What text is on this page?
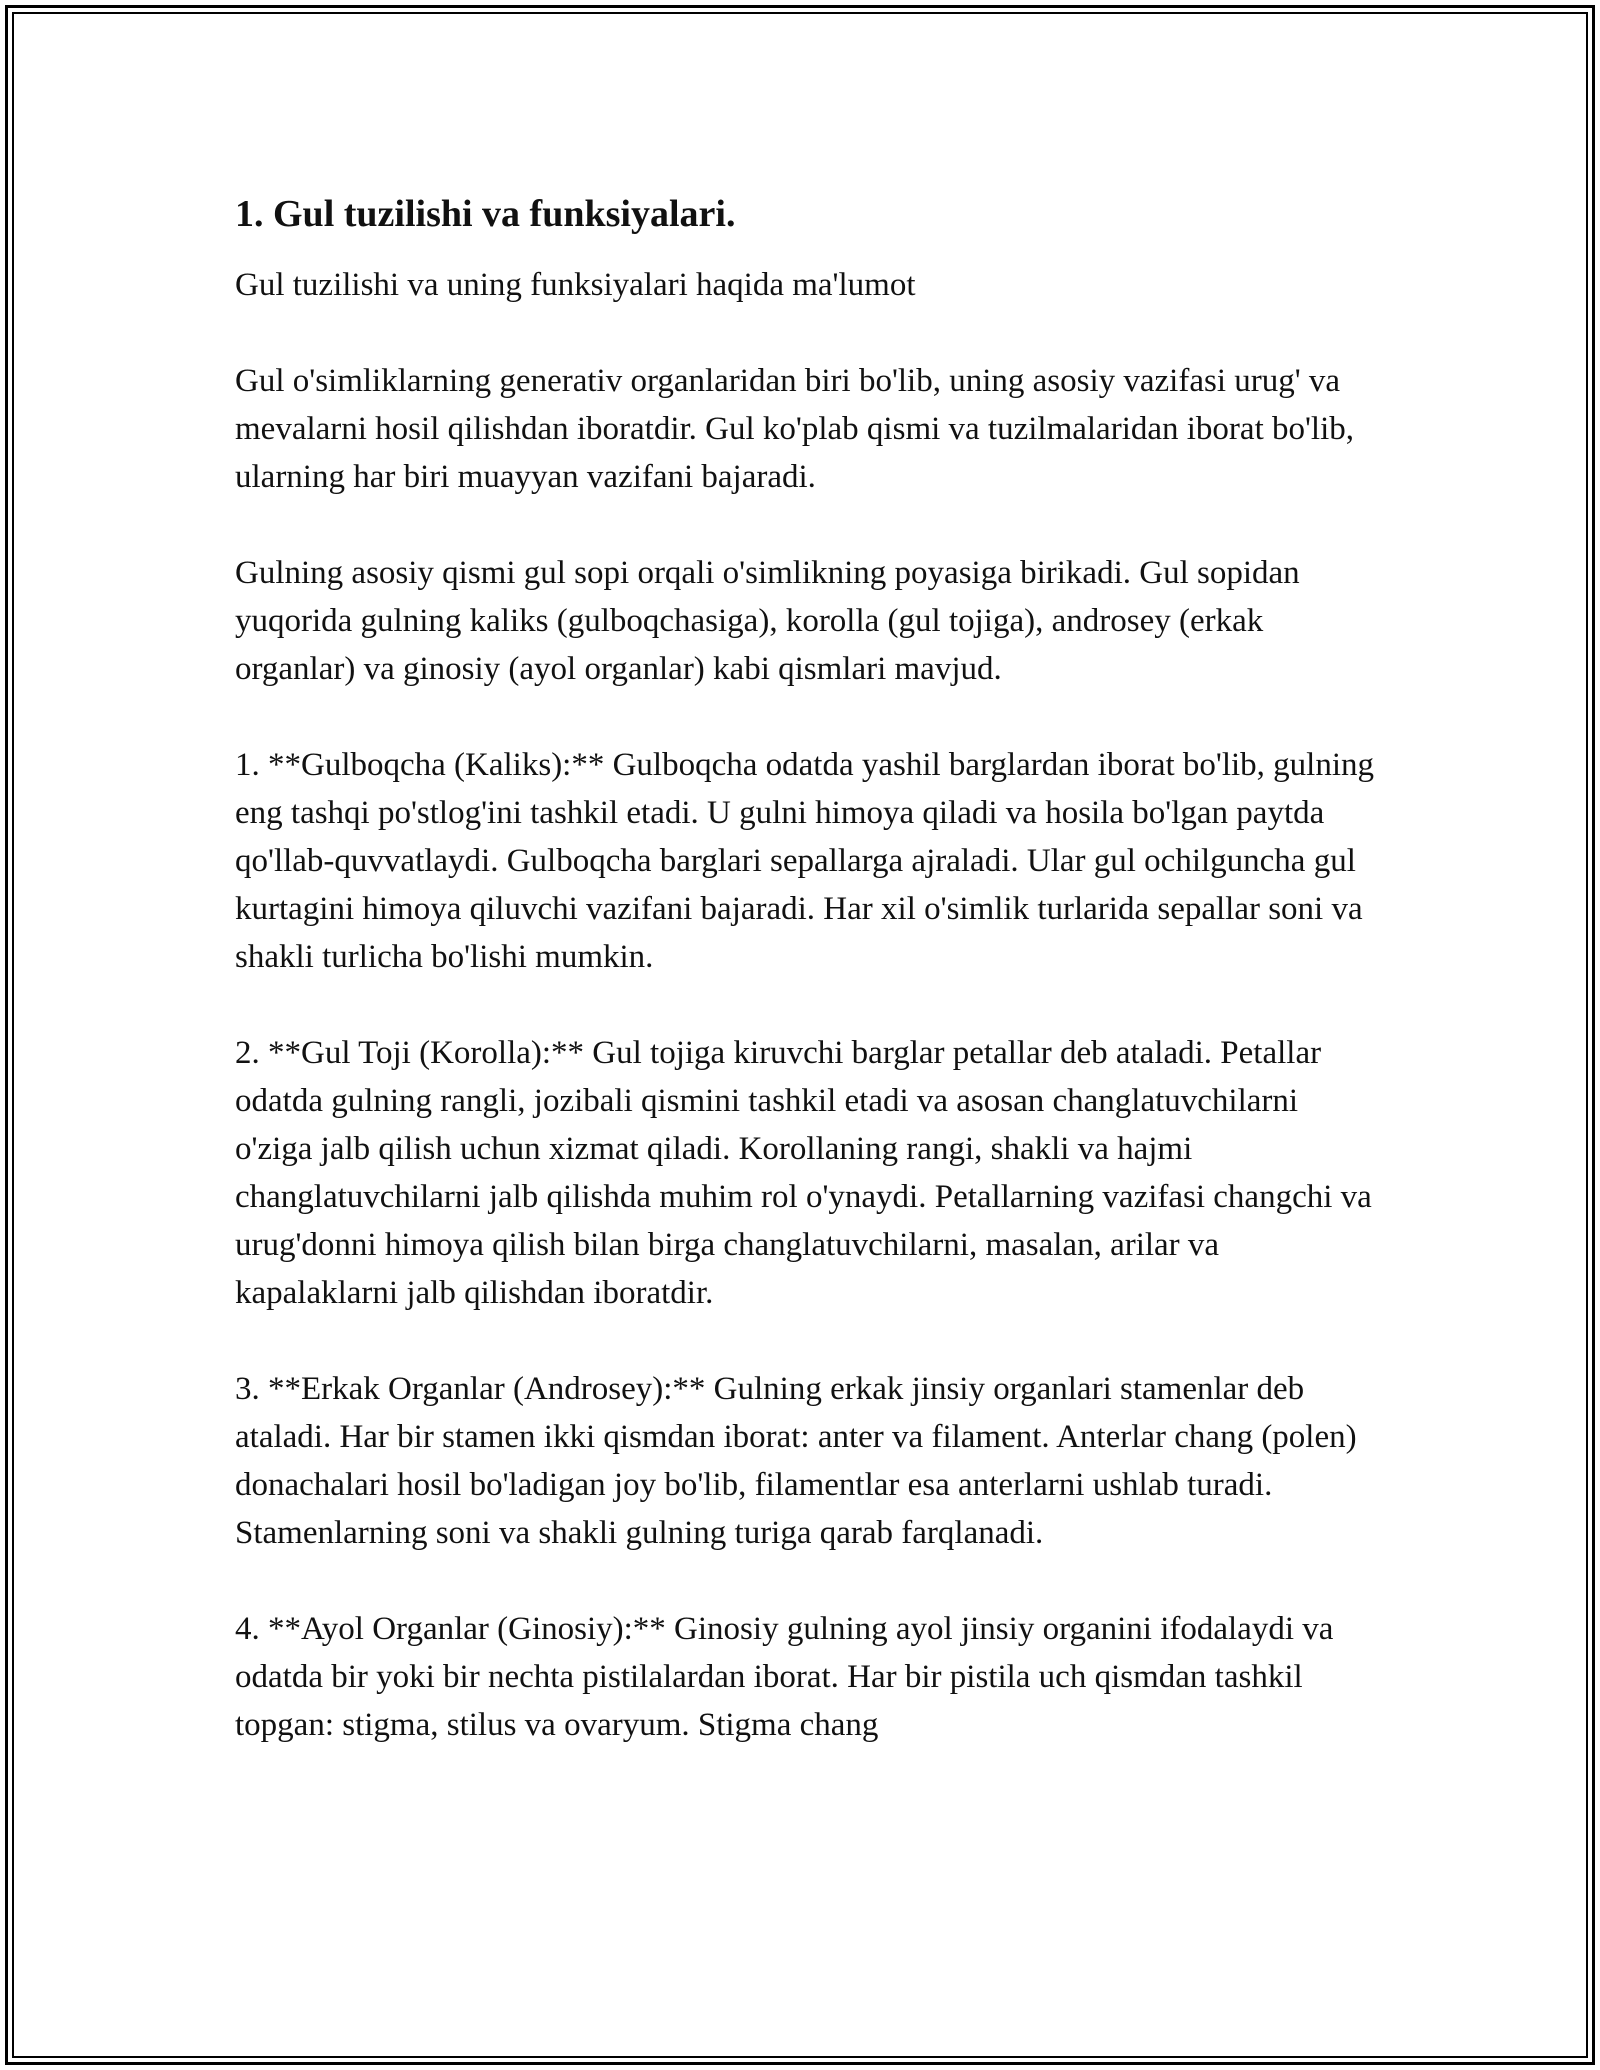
1. Gul tuzilishi va funksiyalari.

Gul tuzilishi va uning funksiyalari haqida ma'lumot

Gul o'simliklarning generativ organlaridan biri bo'lib, uning asosiy vazifasi urug' va mevalarni hosil qilishdan iboratdir. Gul ko'plab qismi va tuzilmalaridan iborat bo'lib, ularning har biri muayyan vazifani bajaradi.

Gulning asosiy qismi gul sopi orqali o'simlikning poyasiga birikadi. Gul sopidan yuqorida gulning kaliks (gulboqchasiga), korolla (gul tojiga), androsey (erkak organlar) va ginosiy (ayol organlar) kabi qismlari mavjud.

1. **Gulboqcha (Kaliks):** Gulboqcha odatda yashil barglardan iborat bo'lib, gulning eng tashqi po'stlog'ini tashkil etadi. U gulni himoya qiladi va hosila bo'lgan paytda qo'llab-quvvatlaydi. Gulboqcha barglari sepallarga ajraladi. Ular gul ochilguncha gul kurtagini himoya qiluvchi vazifani bajaradi. Har xil o'simlik turlarida sepallar soni va shakli turlicha bo'lishi mumkin.

2. **Gul Toji (Korolla):** Gul tojiga kiruvchi barglar petallar deb ataladi. Petallar odatda gulning rangli, jozibali qismini tashkil etadi va asosan changlatuvchilarni o'ziga jalb qilish uchun xizmat qiladi. Korollaning rangi, shakli va hajmi changlatuvchilarni jalb qilishda muhim rol o'ynaydi. Petallarning vazifasi changchi va urug'donni himoya qilish bilan birga changlatuvchilarni, masalan, arilar va kapalaklarni jalb qilishdan iboratdir.

3. **Erkak Organlar (Androsey):** Gulning erkak jinsiy organlari stamenlar deb ataladi. Har bir stamen ikki qismdan iborat: anter va filament. Anterlar chang (polen) donachalari hosil bo'ladigan joy bo'lib, filamentlar esa anterlarni ushlab turadi. Stamenlarning soni va shakli gulning turiga qarab farqlanadi.

4. **Ayol Organlar (Ginosiy):** Ginosiy gulning ayol jinsiy organini ifodalaydi va odatda bir yoki bir nechta pistilalardan iborat. Har bir pistila uch qismdan tashkil topgan: stigma, stilus va ovaryum. Stigma chang
